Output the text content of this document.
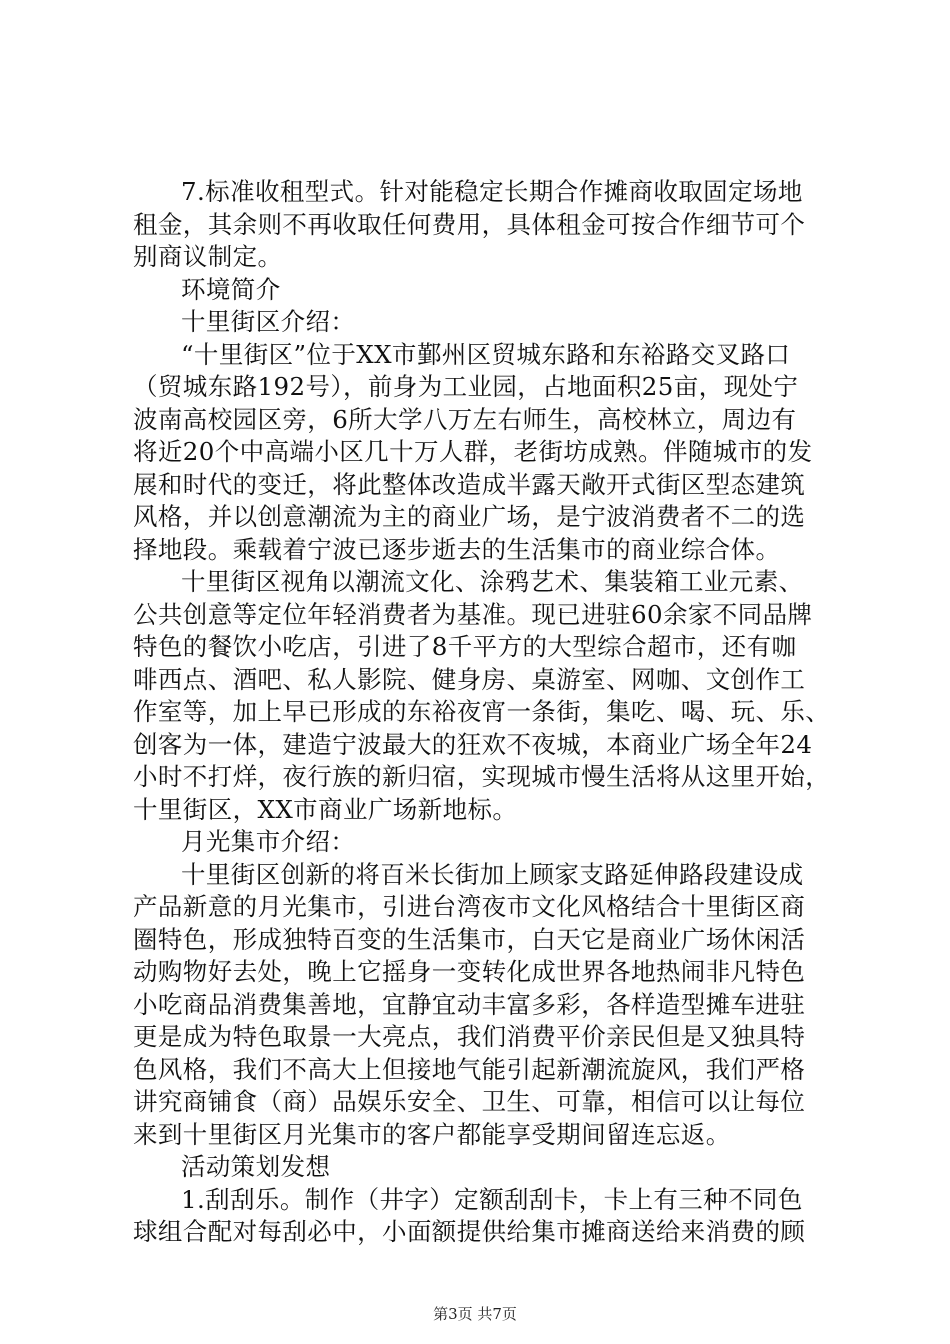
7.标准收租型式。针对能稳定长期合作摊商收取固定场地
租金，其余则不再收取任何费用，具体租金可按合作细节可个
别商议制定。
环境简介
十里街区介绍：
“十里街区”位于XX市鄞州区贸城东路和东裕路交叉路口
（贸城东路192号），前身为工业园，占地面积25亩，现处宁
波南高校园区旁，6所大学八万左右师生，高校林立，周边有
将近20个中高端小区几十万人群，老街坊成熟。伴随城市的发
展和时代的变迁，将此整体改造成半露天敞开式街区型态建筑
风格，并以创意潮流为主的商业广场，是宁波消费者不二的选
择地段。乘载着宁波已逐步逝去的生活集市的商业综合体。
十里街区视角以潮流文化、涂鸦艺术、集装箱工业元素、
公共创意等定位年轻消费者为基准。现已进驻60余家不同品牌
特色的餐饮小吃店，引进了8千平方的大型综合超市，还有咖
啡西点、酒吧、私人影院、健身房、桌游室、网咖、文创作工
作室等，加上早已形成的东裕夜宵一条街，集吃、喝、玩、乐、
创客为一体，建造宁波最大的狂欢不夜城，本商业广场全年24
小时不打烊，夜行族的新归宿，实现城市慢生活将从这里开始，
十里街区，XX市商业广场新地标。
月光集市介绍：
十里街区创新的将百米长街加上顾家支路延伸路段建设成
产品新意的月光集市，引进台湾夜市文化风格结合十里街区商
圈特色，形成独特百变的生活集市，白天它是商业广场休闲活
动购物好去处，晚上它摇身一变转化成世界各地热闹非凡特色
小吃商品消费集善地，宜静宜动丰富多彩，各样造型摊车进驻
更是成为特色取景一大亮点，我们消费平价亲民但是又独具特
色风格，我们不高大上但接地气能引起新潮流旋风，我们严格
讲究商铺食（商）品娱乐安全、卫生、可靠，相信可以让每位
来到十里街区月光集市的客户都能享受期间留连忘返。
活动策划发想
1.刮刮乐。制作（井字）定额刮刮卡，卡上有三种不同色
球组合配对每刮必中，小面额提供给集市摊商送给来消费的顾
第3页 共7页
